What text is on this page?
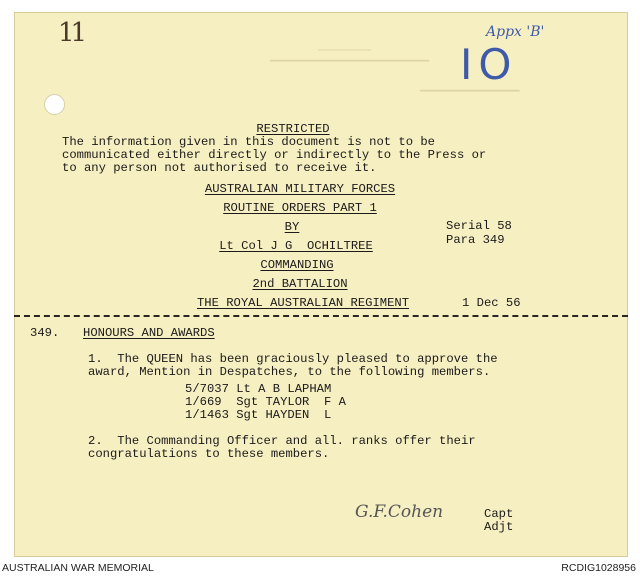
‗‗‗‗‗‗‗‗
▔▔▔▔▔▔▔▔▔▔▔▔▔▔▔▔▔▔▔▔▔▔▔▔
▔▔▔▔▔▔▔▔▔▔▔▔▔▔▔
11	Appx 'B'
IO
RESTRICTED
The information given in this document is not to be
communicated either directly or indirectly to the Press or
to any person not authorised to receive it.
AUSTRALIAN MILITARY FORCES
ROUTINE ORDERS PART 1
BY
Lt Col J G  OCHILTREE
COMMANDING
2nd BATTALION
THE ROYAL AUSTRALIAN REGIMENT
Serial 58
Para 349
1 Dec 56
349. HONOURS AND AWARDS
1.  The QUEEN has been graciously pleased to approve the
award, Mention in Despatches, to the following members.
5/7037 Lt A B LAPHAM
1/669  Sgt TAYLOR  F A
1/1463 Sgt HAYDEN  L
2.  The Commanding Officer and all. ranks offer their
congratulations to these members.
G.F.Cohen	Capt
Adjt
AUSTRALIAN WAR MEMORIAL	RCDIG1028956
